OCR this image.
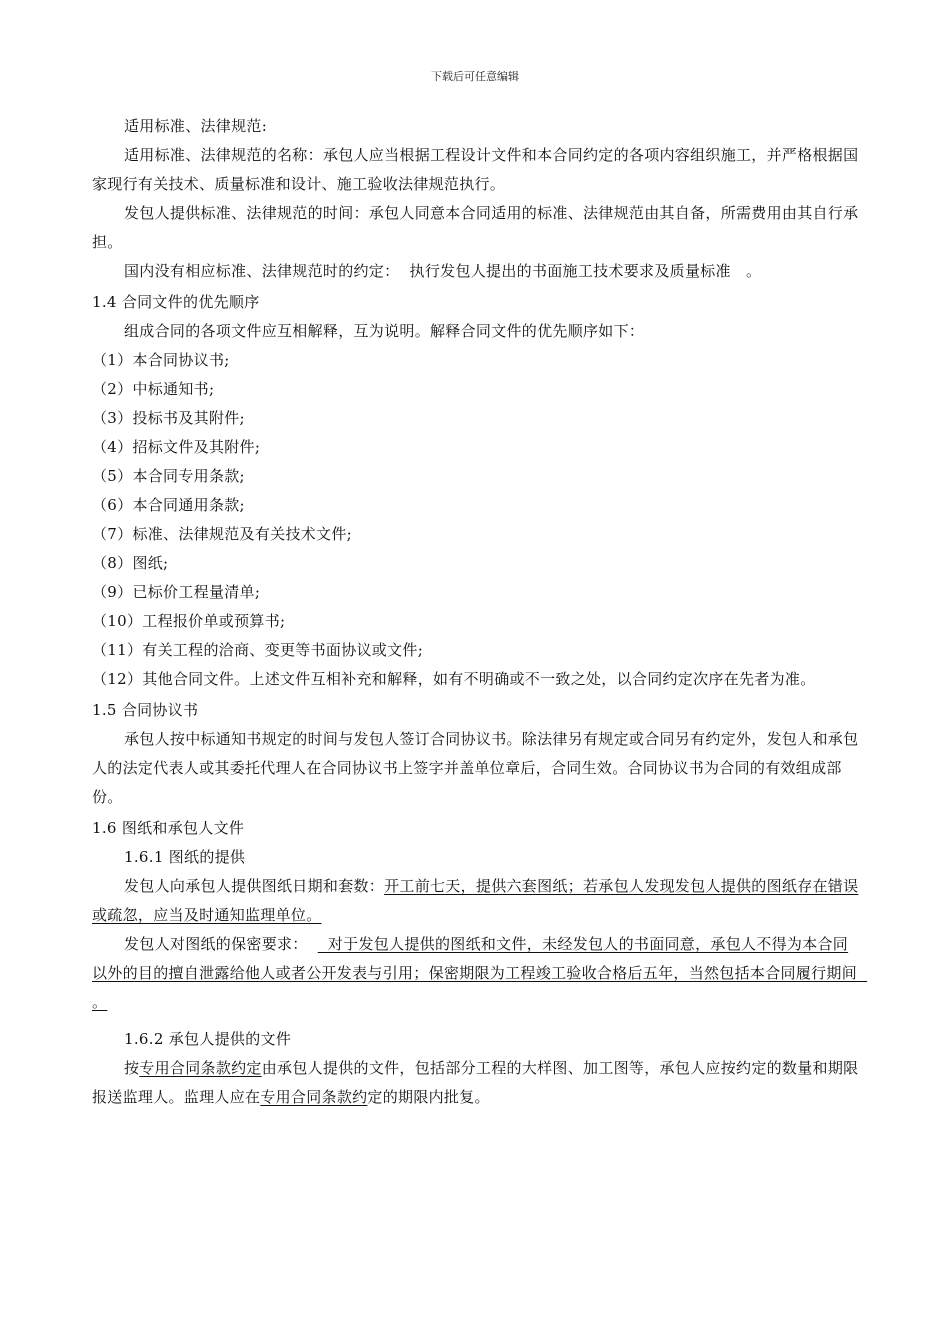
下载后可任意编辑

适用标准、法律规范:

适用标准、法律规范的名称：承包人应当根据工程设计文件和本合同约定的各项内容组织施工，并严格根据国家现行有关技术、质量标准和设计、施工验收法律规范执行。

发包人提供标准、法律规范的时间：承包人同意本合同适用的标准、法律规范由其自备，所需费用由其自行承担。

国内没有相应标准、法律规范时的约定：  执行发包人提出的书面施工技术要求及质量标准   。

1.4 合同文件的优先顺序

组成合同的各项文件应互相解释，互为说明。解释合同文件的优先顺序如下：

（1）本合同协议书;

（2）中标通知书;

（3）投标书及其附件;

（4）招标文件及其附件;

（5）本合同专用条款;

（6）本合同通用条款;

（7）标准、法律规范及有关技术文件;

（8）图纸;

（9）已标价工程量清单;

（10）工程报价单或预算书;

（11）有关工程的洽商、变更等书面协议或文件;

（12）其他合同文件。上述文件互相补充和解释，如有不明确或不一致之处，以合同约定次序在先者为准。

1.5 合同协议书

承包人按中标通知书规定的时间与发包人签订合同协议书。除法律另有规定或合同另有约定外，发包人和承包人的法定代表人或其委托代理人在合同协议书上签字并盖单位章后，合同生效。合同协议书为合同的有效组成部份。

1.6 图纸和承包人文件

1.6.1 图纸的提供

发包人向承包人提供图纸日期和套数：开工前七天，提供六套图纸；若承包人发现发包人提供的图纸存在错误或疏忽，应当及时通知监理单位。

发包人对图纸的保密要求：    对于发包人提供的图纸和文件，未经发包人的书面同意，承包人不得为本合同以外的目的擅自泄露给他人或者公开发表与引用；保密期限为工程竣工验收合格后五年，当然包括本合同履行期间  。

1.6.2 承包人提供的文件

按专用合同条款约定由承包人提供的文件，包括部分工程的大样图、加工图等，承包人应按约定的数量和期限报送监理人。监理人应在专用合同条款约定的期限内批复。
